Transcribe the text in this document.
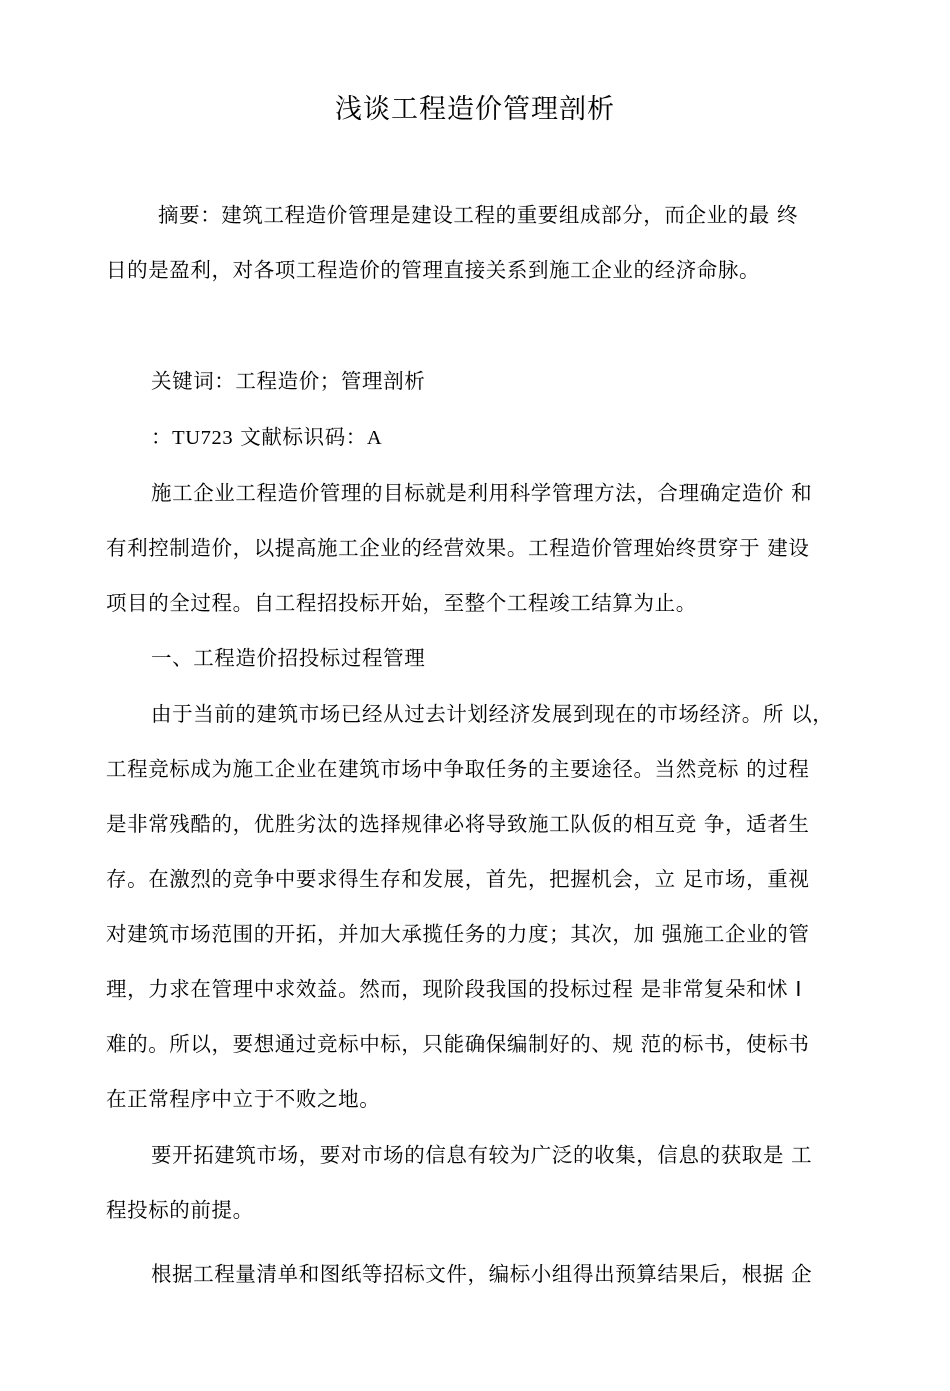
浅谈工程造价管理剖析
摘要：建筑工程造价管理是建设工程的重要组成部分，而企业的最 终
日的是盈利，对各项工程造价的管理直接关系到施工企业的经济命脉。
关键词：工程造价；管理剖析
：TU723 文献标识码：A
施工企业工程造价管理的目标就是利用科学管理方法，合理确定造价 和
有利控制造价，以提高施工企业的经营效果。工程造价管理始终贯穿于 建设
项目的全过程。自工程招投标开始，至整个工程竣工结算为止。
一、工程造价招投标过程管理
由于当前的建筑市场已经从过去计划经济发展到现在的市场经济。所 以，
工程竞标成为施工企业在建筑市场中争取任务的主要途径。当然竞标 的过程
是非常残酷的，优胜劣汰的选择规律必将导致施工队仮的相互竞 争，适者生
存。在激烈的竞争中要求得生存和发展，首先，把握机会，立 足市场，重视
对建筑市场范围的开拓，并加大承揽任务的力度；其次，加 强施工企业的管
理，力求在管理中求效益。然而，现阶段我国的投标过程 是非常复朵和怵 I
难的。所以，要想通过竞标中标，只能确保编制好的、规 范的标书，使标书
在正常程序中立于不败之地。
要开拓建筑市场，要对市场的信息有较为广泛的收集，信息的获取是 工
程投标的前提。
根据工程量清单和图纸等招标文件，编标小组得出预算结果后，根据 企
